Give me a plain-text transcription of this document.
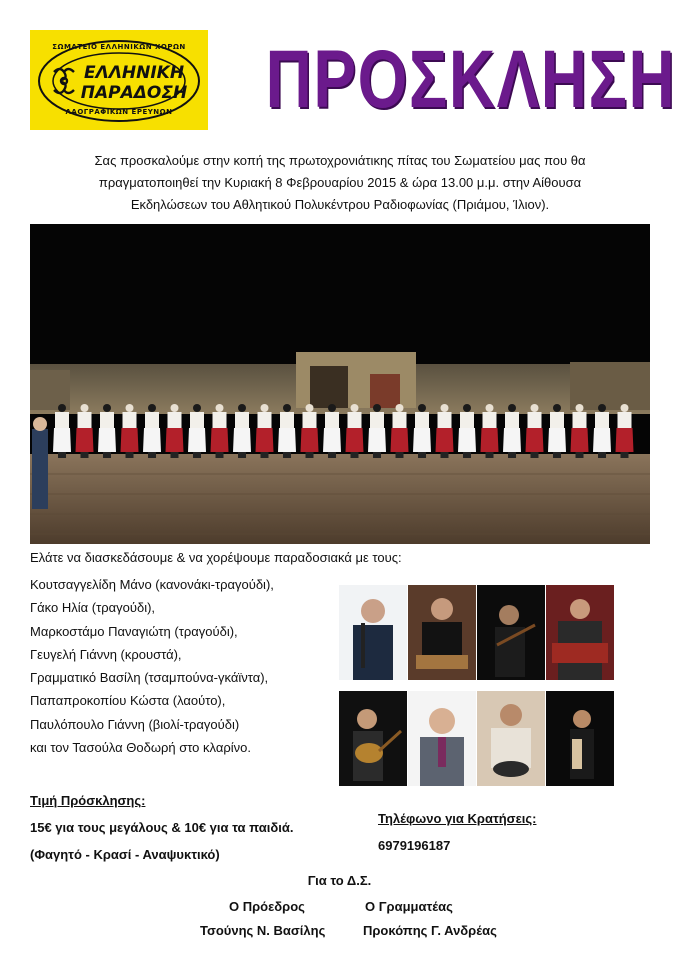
ΣΩΜΑΤΕΙΟ ΕΛΛΗΝΙΚΩΝ ΧΟΡΩΝ
ΕΛΛΗΝΙΚΗ
ΠΑΡΑΔΟΣΗ
ΛΑΟΓΡΑΦΙΚΩΝ ΕΡΕΥΝΩΝ	ΠΡΟΣΚΛΗΣΗ
Σας προσκαλούμε στην κοπή της πρωτοχρονιάτικης πίτας του Σωματείου μας που θα
πραγματοποιηθεί την Κυριακή 8 Φεβρουαρίου 2015 & ώρα 13.00 μ.μ. στην Αίθουσα
Εκδηλώσεων του Αθλητικού Πολυκέντρου Ραδιοφωνίας (Πριάμου, Ίλιον).
Ελάτε να διασκεδάσουμε & να χορέψουμε παραδοσιακά με τους:
Κουτσαγγελίδη Μάνο (κανονάκι-τραγούδι),
Γάκο Ηλία (τραγούδι),
Μαρκοστάμο Παναγιώτη (τραγούδι),
Γευγελή Γιάννη (κρουστά),
Γραμματικό Βασίλη (τσαμπούνα-γκάϊντα),
Παπαπροκοπίου Κώστα (λαούτο),
Παυλόπουλο Γιάννη (βιολί-τραγούδι)
και τον Τασούλα Θοδωρή στο κλαρίνο.
Τιμή Πρόσκλησης:
15€ για τους μεγάλους & 10€ για τα παιδιά.
(Φαγητό - Κρασί - Αναψυκτικό)
Τηλέφωνο για Κρατήσεις:
6979196187
Για το Δ.Σ.
Ο Πρόεδρος	Ο Γραμματέας
Τσούνης Ν. Βασίλης	Προκόπης Γ. Ανδρέας
